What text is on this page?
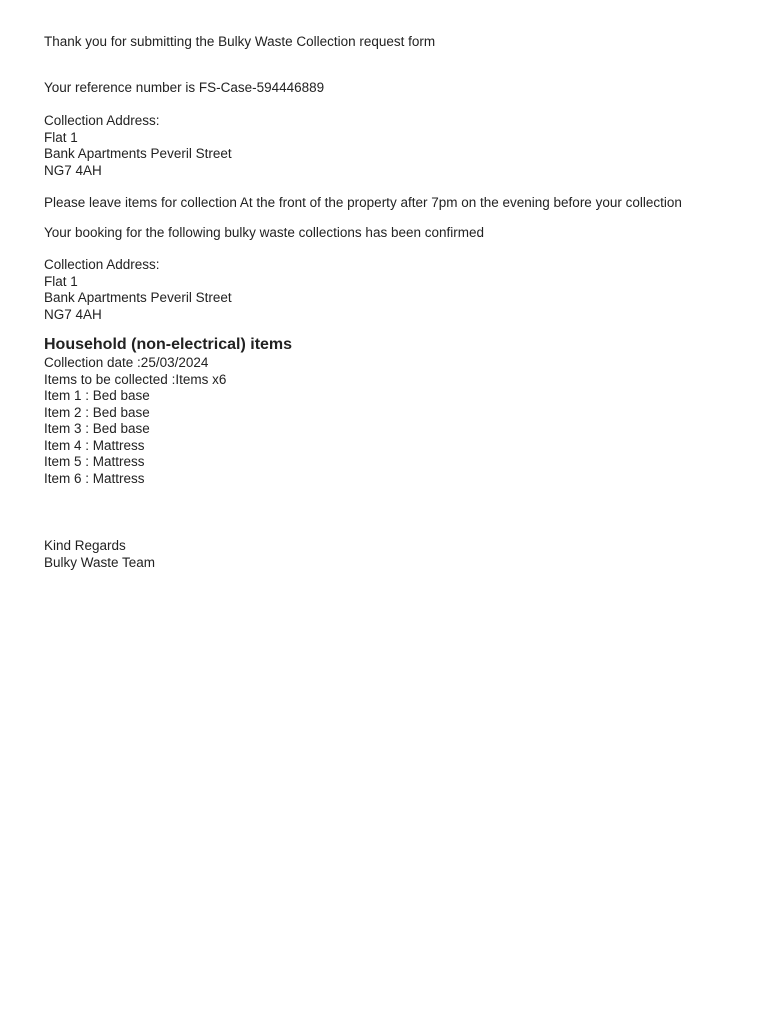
Thank you for submitting the Bulky Waste Collection request form
Your reference number is FS-Case-594446889
Collection Address:
Flat 1
Bank Apartments Peveril Street
NG7 4AH
Please leave items for collection At the front of the property after 7pm on the evening before your collection
Your booking for the following bulky waste collections has been confirmed
Collection Address:
Flat 1
Bank Apartments Peveril Street
NG7 4AH
Household (non-electrical) items
Collection date :25/03/2024
Items to be collected :Items x6
Item 1 : Bed base
Item 2 : Bed base
Item 3 : Bed base
Item 4 : Mattress
Item 5 : Mattress
Item 6 : Mattress
Kind Regards
Bulky Waste Team
